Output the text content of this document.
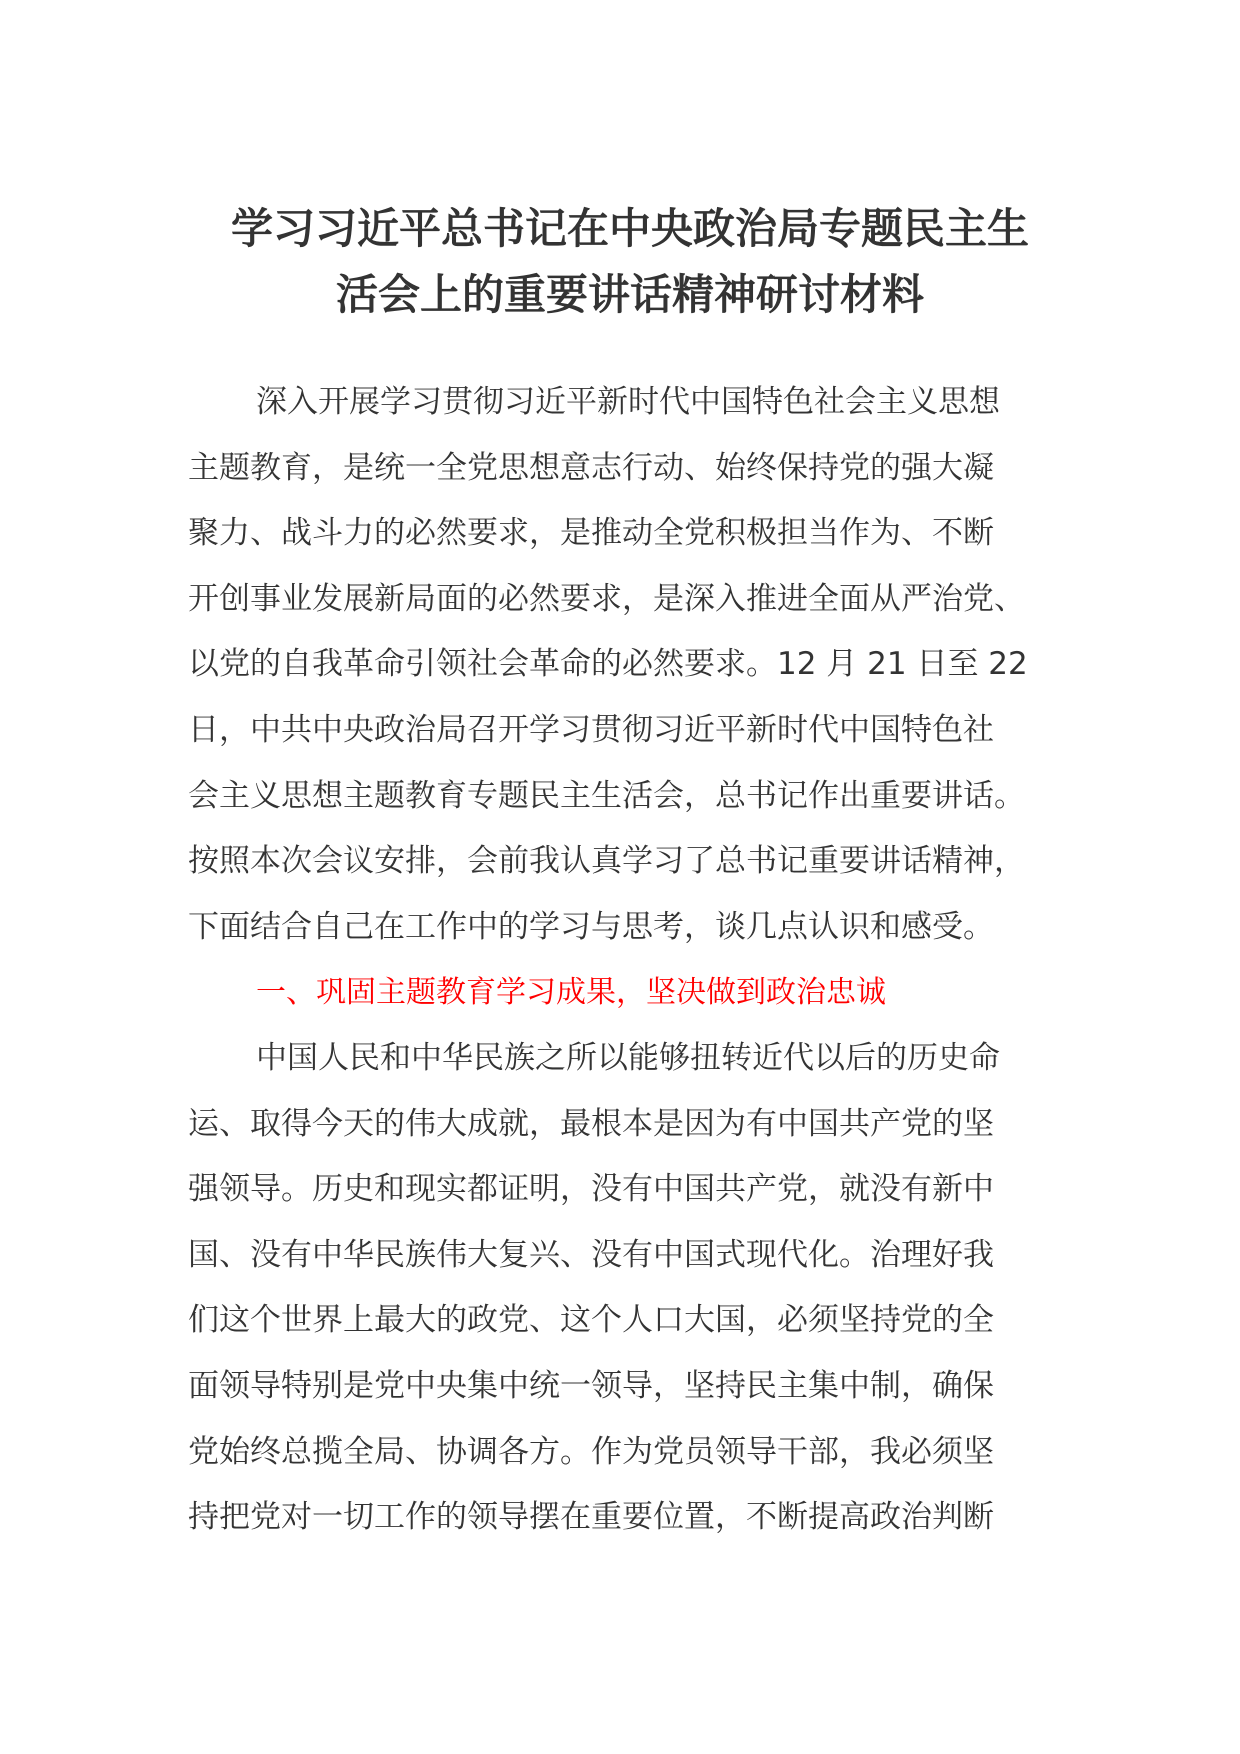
学习习近平总书记在中央政治局专题民主生
活会上的重要讲话精神研讨材料
深入开展学习贯彻习近平新时代中国特色社会主义思想
主题教育，是统一全党思想意志行动、始终保持党的强大凝
聚力、战斗力的必然要求，是推动全党积极担当作为、不断
开创事业发展新局面的必然要求，是深入推进全面从严治党、
以党的自我革命引领社会革命的必然要求。12 月 21 日至 22
日，中共中央政治局召开学习贯彻习近平新时代中国特色社
会主义思想主题教育专题民主生活会，总书记作出重要讲话。
按照本次会议安排，会前我认真学习了总书记重要讲话精神，
下面结合自己在工作中的学习与思考，谈几点认识和感受。
一、巩固主题教育学习成果，坚决做到政治忠诚
中国人民和中华民族之所以能够扭转近代以后的历史命
运、取得今天的伟大成就，最根本是因为有中国共产党的坚
强领导。历史和现实都证明，没有中国共产党，就没有新中
国、没有中华民族伟大复兴、没有中国式现代化。治理好我
们这个世界上最大的政党、这个人口大国，必须坚持党的全
面领导特别是党中央集中统一领导，坚持民主集中制，确保
党始终总揽全局、协调各方。作为党员领导干部，我必须坚
持把党对一切工作的领导摆在重要位置，不断提高政治判断
